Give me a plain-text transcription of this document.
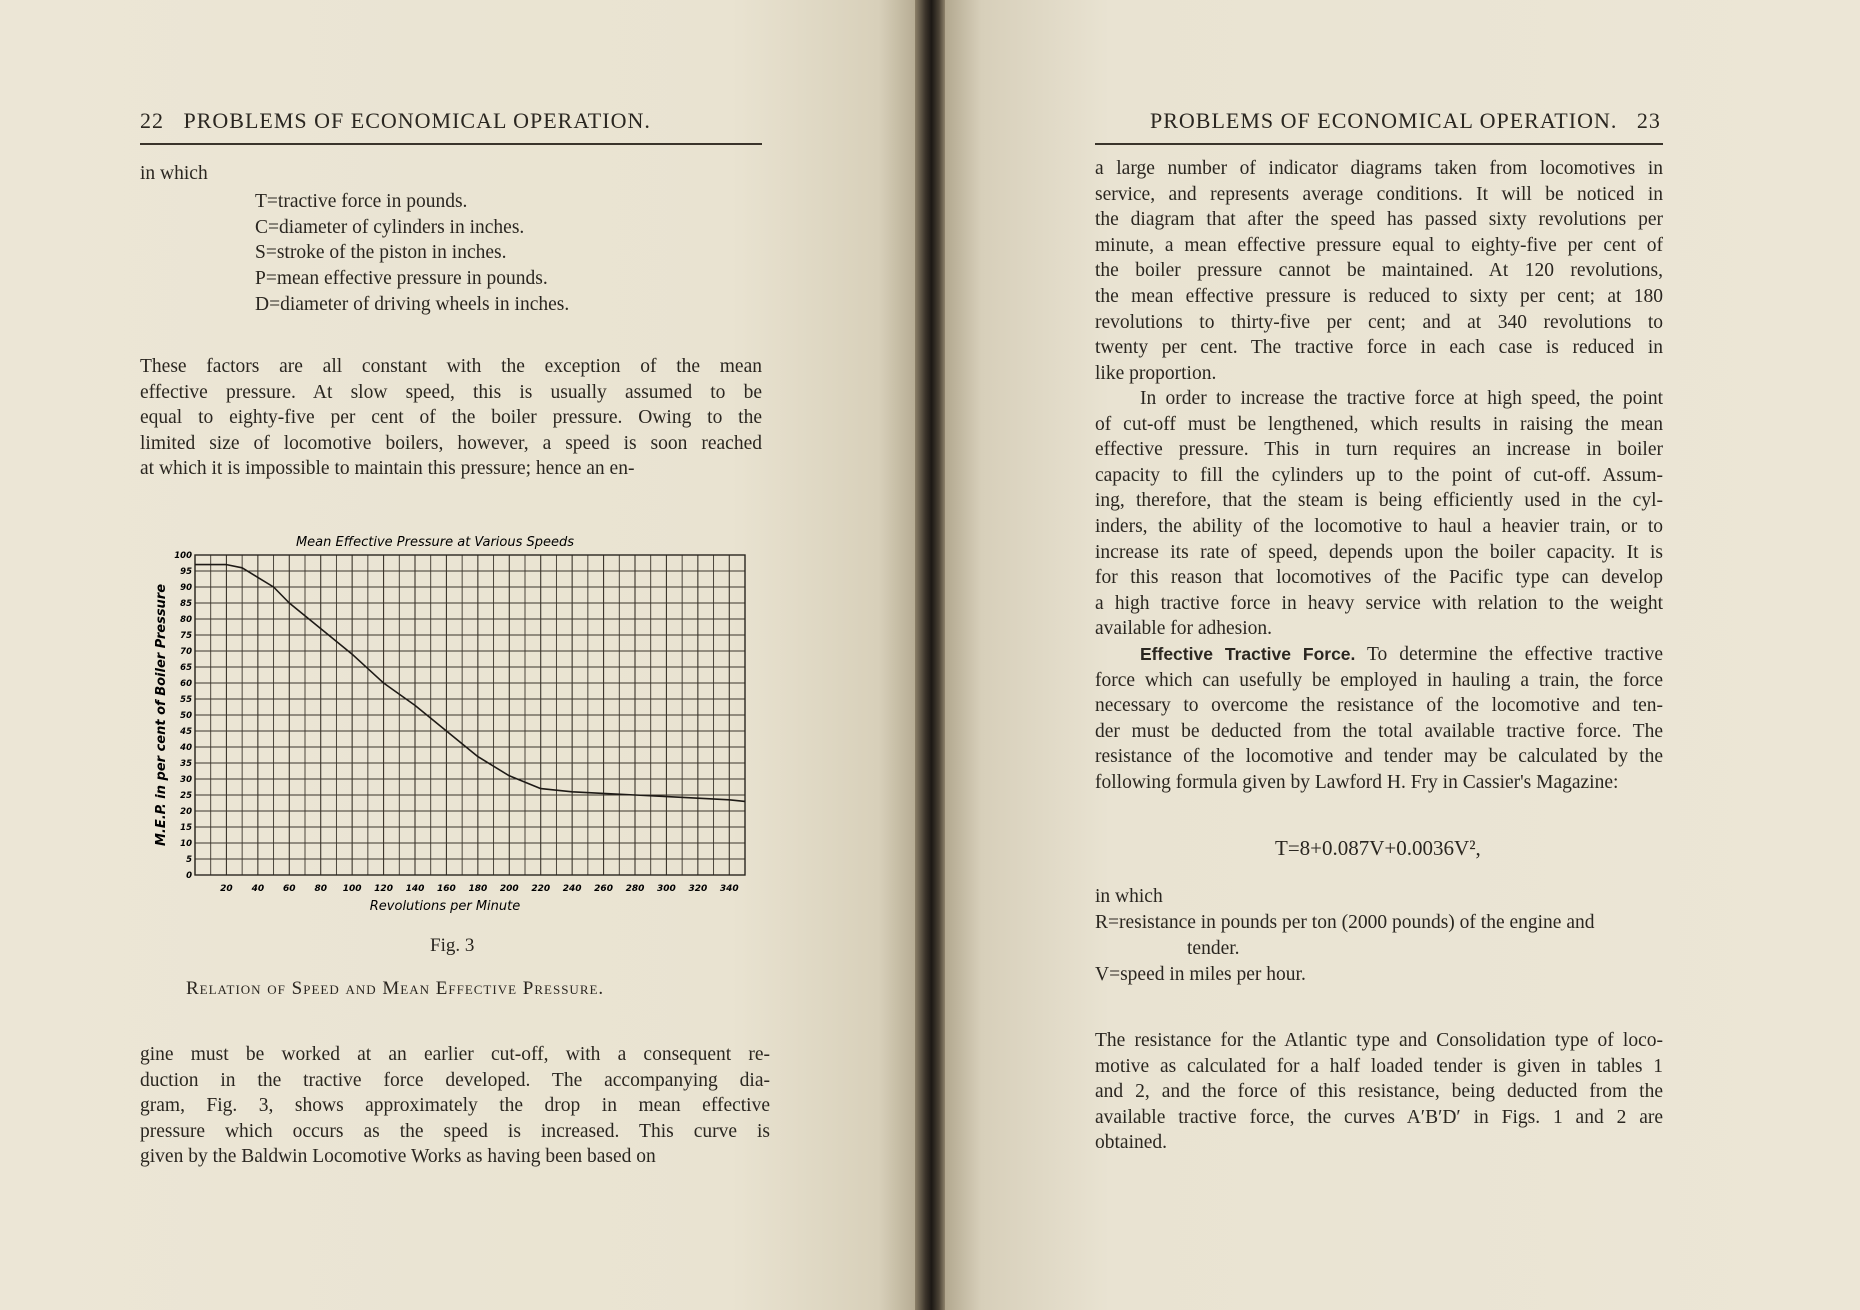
22 PROBLEMS OF ECONOMICAL OPERATION.
in which
T=tractive force in pounds.
C=diameter of cylinders in inches.
S=stroke of the piston in inches.
P=mean effective pressure in pounds.
D=diameter of driving wheels in inches.
These factors are all constant with the exception of the mean
effective pressure. At slow speed, this is usually assumed to be
equal to eighty-five per cent of the boiler pressure. Owing to the
limited size of locomotive boilers, however, a speed is soon reached
at which it is impossible to maintain this pressure; hence an en-
20 40 60 80 100 120 140 160 180 200 220 240 260 280 300 320 340
0
5
10
15
20
25
30
35
40
45
50
55
60
65
70
75
80
85
90
95
100
Mean Effective Pressure at Various Speeds
Revolutions per Minute
M.E.P. in per cent of Boiler Pressure
Fig. 3
Relation of Speed and Mean Effective Pressure.
gine must be worked at an earlier cut-off, with a consequent re-
duction in the tractive force developed. The accompanying dia-
gram, Fig. 3, shows approximately the drop in mean effective
pressure which occurs as the speed is increased. This curve is
given by the Baldwin Locomotive Works as having been based on
PROBLEMS OF ECONOMICAL OPERATION. 23
a large number of indicator diagrams taken from locomotives in
service, and represents average conditions. It will be noticed in
the diagram that after the speed has passed sixty revolutions per
minute, a mean effective pressure equal to eighty-five per cent of
the boiler pressure cannot be maintained. At 120 revolutions,
the mean effective pressure is reduced to sixty per cent; at 180
revolutions to thirty-five per cent; and at 340 revolutions to
twenty per cent. The tractive force in each case is reduced in
like proportion.
In order to increase the tractive force at high speed, the point
of cut-off must be lengthened, which results in raising the mean
effective pressure. This in turn requires an increase in boiler
capacity to fill the cylinders up to the point of cut-off. Assum-
ing, therefore, that the steam is being efficiently used in the cyl-
inders, the ability of the locomotive to haul a heavier train, or to
increase its rate of speed, depends upon the boiler capacity. It is
for this reason that locomotives of the Pacific type can develop
a high tractive force in heavy service with relation to the weight
available for adhesion.
Effective Tractive Force. To determine the effective tractive
force which can usefully be employed in hauling a train, the force
necessary to overcome the resistance of the locomotive and ten-
der must be deducted from the total available tractive force. The
resistance of the locomotive and tender may be calculated by the
following formula given by Lawford H. Fry in Cassier's Magazine:
T=8+0.087V+0.0036V²,
in which
R=resistance in pounds per ton (2000 pounds) of the engine and
tender.
V=speed in miles per hour.
The resistance for the Atlantic type and Consolidation type of loco-
motive as calculated for a half loaded tender is given in tables 1
and 2, and the force of this resistance, being deducted from the
available tractive force, the curves A′B′D′ in Figs. 1 and 2 are
obtained.
